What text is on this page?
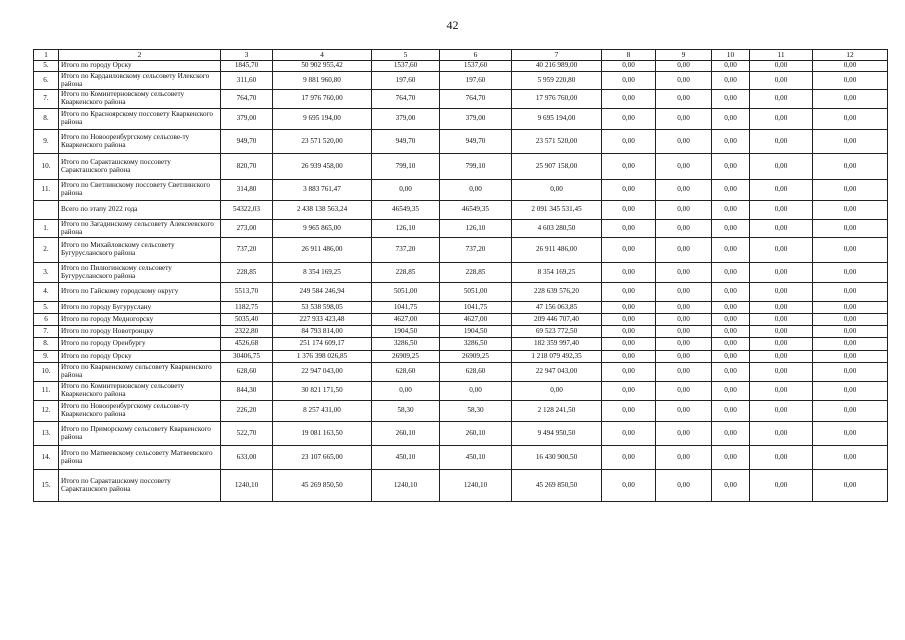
42
1	2	3	4	5	6	7	8	9	10	11	12
5.	Итого по городу Орску	1845,70	50 902 955,42	1537,60	1537,60	40 216 989,00	0,00	0,00	0,00	0,00	0,00
6.	Итого по Кардаиловскому сельсовету Илекского района	311,60	9 881 960,80	197,60	197,60	5 959 220,80	0,00	0,00	0,00	0,00	0,00
7.	Итого по Коминтерновскому сельсовету Кваркенского района	764,70	17 976 760,00	764,70	764,70	17 976 760,00	0,00	0,00	0,00	0,00	0,00
8.	Итого по Красноярскому поссовету Кваркенского района	379,00	9 695 194,00	379,00	379,00	9 695 194,00	0,00	0,00	0,00	0,00	0,00
9.	Итого по Новооренбургскому сельсове-ту Кваркенского района	949,70	23 571 520,00	949,70	949,70	23 571 520,00	0,00	0,00	0,00	0,00	0,00
10.	Итого по Саракташскому поссовету Саракташского района	820,70	26 939 458,00	799,10	799,10	25 907 158,00	0,00	0,00	0,00	0,00	0,00
11.	Итого по Светлинскому поссовету Светлинского района	314,80	3 883 761,47	0,00	0,00	0,00	0,00	0,00	0,00	0,00	0,00
	Всего по этапу 2022 года	54322,03	2 438 138 563,24	46549,35	46549,35	2 091 345 531,45	0,00	0,00	0,00	0,00	0,00
1.	Итого по Загадинскому сельсовету Алексеевского района	273,00	9 965 865,00	126,10	126,10	4 603 280,50	0,00	0,00	0,00	0,00	0,00
2.	Итого по Михайловскому сельсовету Бугурусланского района	737,20	26 911 486,00	737,20	737,20	26 911 486,00	0,00	0,00	0,00	0,00	0,00
3.	Итого по Пилюгинскому сельсовету Бугурусланского района	228,85	8 354 169,25	228,85	228,85	8 354 169,25	0,00	0,00	0,00	0,00	0,00
4.	Итого по Гайскому городскому округу	5513,70	249 584 246,94	5051,00	5051,00	228 639 576,20	0,00	0,00	0,00	0,00	0,00
5.	Итого по городу Бугуруслану	1182,75	53 538 598,05	1041,75	1041,75	47 156 063,85	0,00	0,00	0,00	0,00	0,00
6	Итого по городу Медногорску	5035,40	227 933 423,48	4627,00	4627,00	209 446 707,40	0,00	0,00	0,00	0,00	0,00
7.	Итого по городу Новотроицку	2322,80	84 793 814,00	1904,50	1904,50	69 523 772,50	0,00	0,00	0,00	0,00	0,00
8.	Итого по городу Оренбургу	4526,68	251 174 609,17	3286,50	3286,50	182 359 997,40	0,00	0,00	0,00	0,00	0,00
9.	Итого по городу Орску	30406,75	1 376 398 026,85	26909,25	26909,25	1 218 079 492,35	0,00	0,00	0,00	0,00	0,00
10.	Итого по Кваркенскому сельсовету Кваркенского района	628,60	22 947 043,00	628,60	628,60	22 947 043,00	0,00	0,00	0,00	0,00	0,00
11.	Итого по Коминтерновскому сельсовету Кваркенского района	844,30	30 821 171,50	0,00	0,00	0,00	0,00	0,00	0,00	0,00	0,00
12.	Итого по Новооренбургскому сельсове-ту Кваркенского района	226,20	8 257 431,00	58,30	58,30	2 128 241,50	0,00	0,00	0,00	0,00	0,00
13.	Итого по Приморскому сельсовету Кваркенского района	522,70	19 081 163,50	260,10	260,10	9 494 950,50	0,00	0,00	0,00	0,00	0,00
14.	Итого по Матвеевскому сельсовету Матвеевского района	633,00	23 107 665,00	450,10	450,10	16 430 900,50	0,00	0,00	0,00	0,00	0,00
15.	Итого по Саракташскому поссовету Саракташского района	1240,10	45 269 850,50	1240,10	1240,10	45 269 850,50	0,00	0,00	0,00	0,00	0,00
